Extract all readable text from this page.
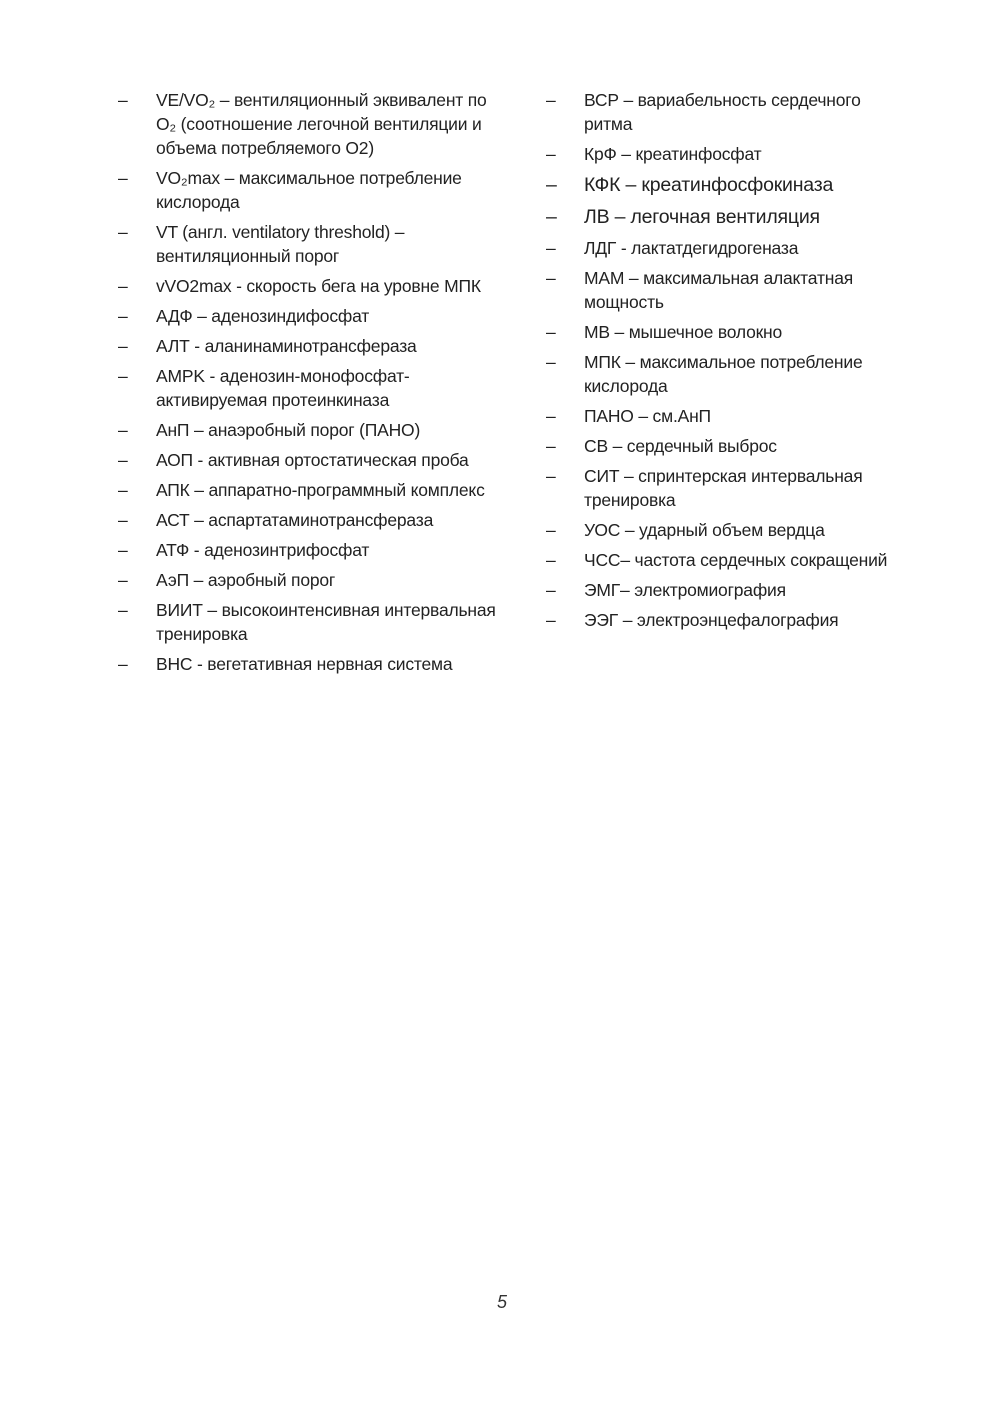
–	VE/VO₂ – вентиляционный эквивалент по O₂ (соотношение легочной вентиляции и объема потребляемого O2)
–	VO₂max – максимальное потребление кислорода
–	VT (англ. ventilatory threshold) – вентиляционный порог
–	vVO2max - скорость бега на уровне МПК
–	АДФ – аденозиндифосфат
–	АЛТ - аланинаминотрансфераза
–	AMPK - аденозин-монофосфат-активируемая протеинкиназа
–	АнП – анаэробный порог (ПАНО)
–	АОП - активная ортостатическая проба
–	АПК – аппаратно-программный комплекс
–	АСТ – аспартатаминотрансфераза
–	АТФ - аденозинтрифосфат
–	АэП – аэробный порог
–	ВИИТ – высокоинтенсивная интервальная тренировка
–	ВНС - вегетативная нервная система
–	ВСР – вариабельность сердечного ритма
–	КрФ – креатинфосфат
–	КФК – креатинфосфокиназа
–	ЛВ – легочная вентиляция
–	ЛДГ - лактатдегидрогеназа
–	МАМ – максимальная алактатная мощность
–	МВ – мышечное волокно
–	МПК – максимальное потребление кислорода
–	ПАНО – см.АнП
–	СВ – сердечный выброс
–	СИТ – спринтерская интервальная тренировка
–	УОС – ударный объем вердца
–	ЧСС– частота сердечных сокращений
–	ЭМГ– электромиография
–	ЭЭГ – электроэнцефалография
5
